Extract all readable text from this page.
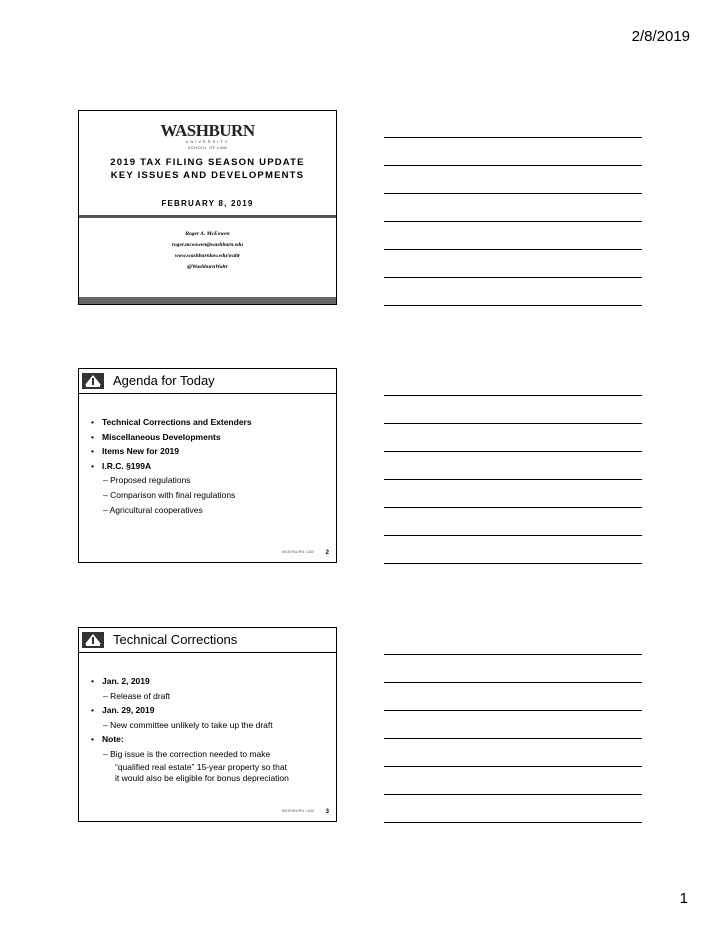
2/8/2019
WASHBURN
UNIVERSITY
SCHOOL OF LAW
2019 TAX FILING SEASON UPDATE
KEY ISSUES AND DEVELOPMENTS
FEBRUARY 8, 2019
Roger A. McEowen
roger.mceowen@washburn.edu
www.washburnlaw.edu/waltr
@WashburnWaltr
Agenda for Today
• Technical Corrections and Extenders
• Miscellaneous Developments
• Items New for 2019
• I.R.C. §199A
– Proposed regulations
– Comparison with final regulations
– Agricultural cooperatives
WASHBURN LAW 2
Technical Corrections
• Jan. 2, 2019
– Release of draft
• Jan. 29, 2019
– New committee unlikely to take up the draft
• Note:
– Big issue is the correction needed to make
“qualified real estate” 15-year property so that
it would also be eligible for bonus depreciation
WASHBURN LAW 3
1
